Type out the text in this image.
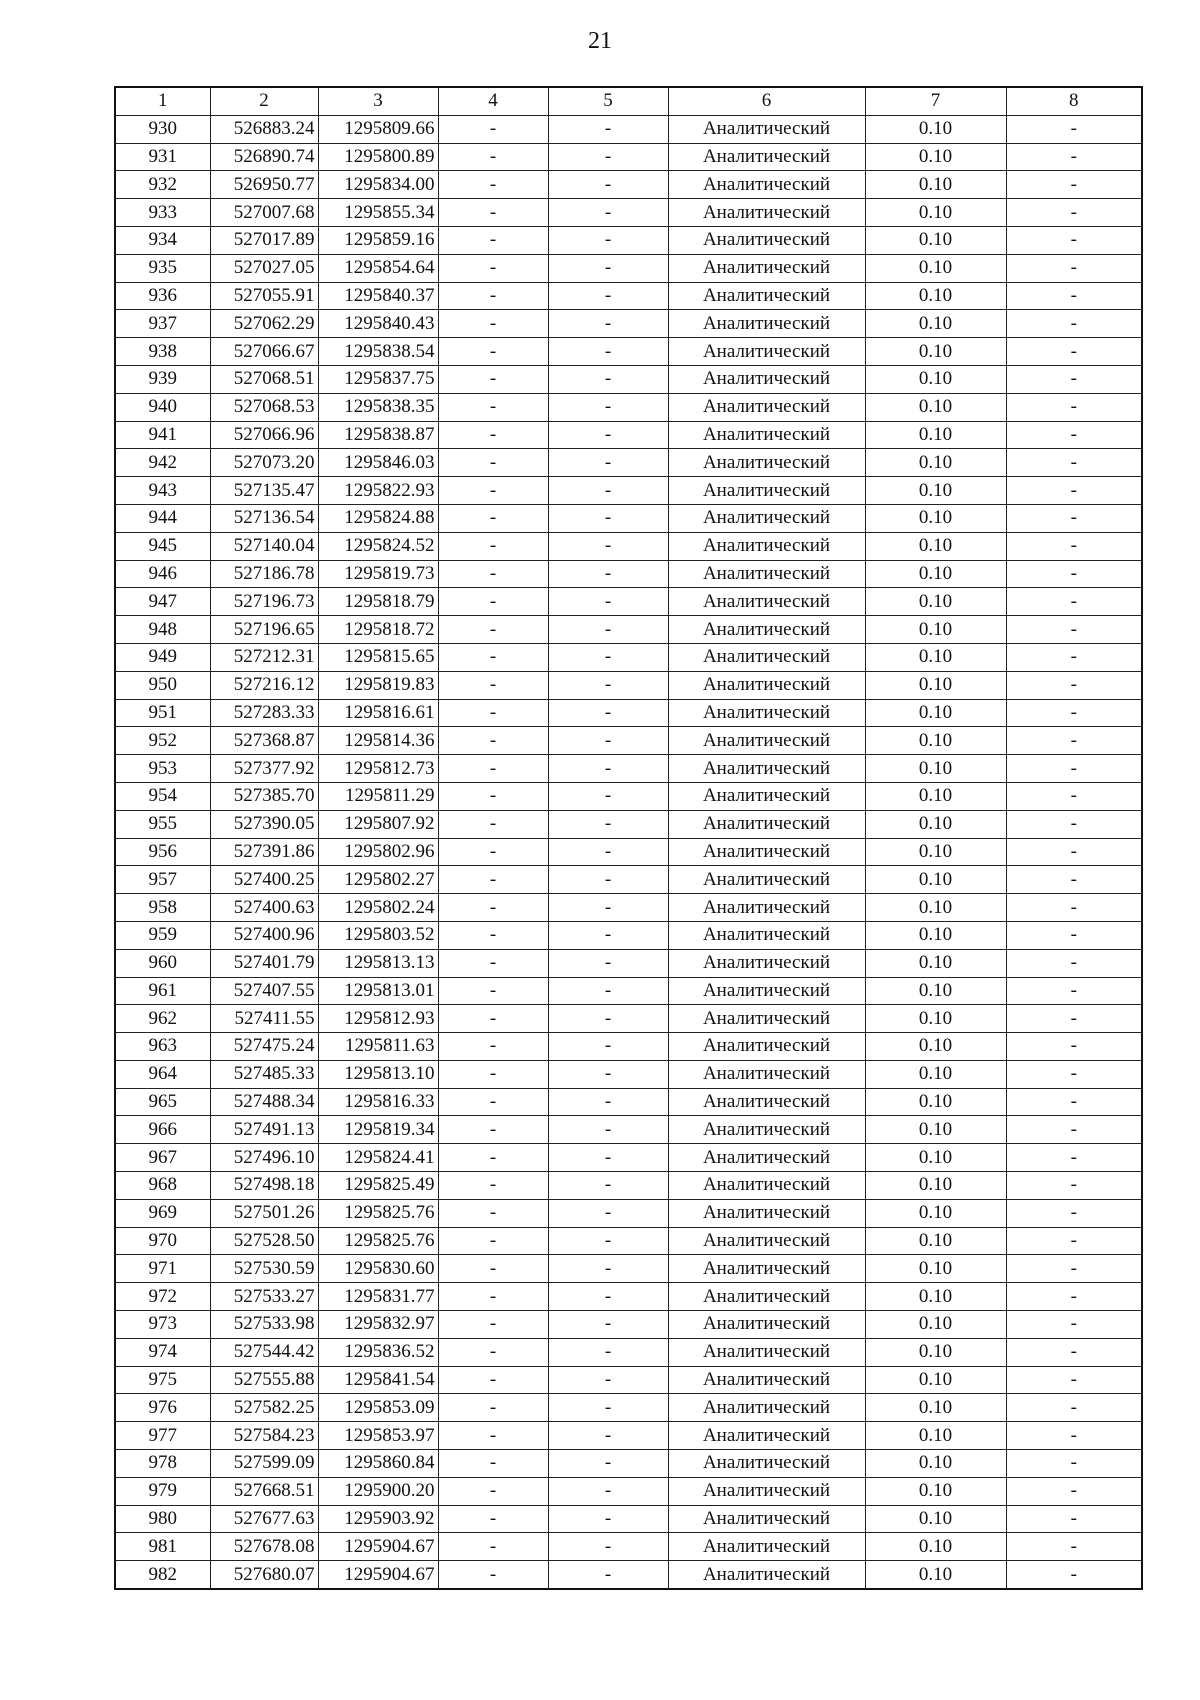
21
1	2	3	4	5	6	7	8
930	526883.24	1295809.66	-	-	Аналитический	0.10	-
931	526890.74	1295800.89	-	-	Аналитический	0.10	-
932	526950.77	1295834.00	-	-	Аналитический	0.10	-
933	527007.68	1295855.34	-	-	Аналитический	0.10	-
934	527017.89	1295859.16	-	-	Аналитический	0.10	-
935	527027.05	1295854.64	-	-	Аналитический	0.10	-
936	527055.91	1295840.37	-	-	Аналитический	0.10	-
937	527062.29	1295840.43	-	-	Аналитический	0.10	-
938	527066.67	1295838.54	-	-	Аналитический	0.10	-
939	527068.51	1295837.75	-	-	Аналитический	0.10	-
940	527068.53	1295838.35	-	-	Аналитический	0.10	-
941	527066.96	1295838.87	-	-	Аналитический	0.10	-
942	527073.20	1295846.03	-	-	Аналитический	0.10	-
943	527135.47	1295822.93	-	-	Аналитический	0.10	-
944	527136.54	1295824.88	-	-	Аналитический	0.10	-
945	527140.04	1295824.52	-	-	Аналитический	0.10	-
946	527186.78	1295819.73	-	-	Аналитический	0.10	-
947	527196.73	1295818.79	-	-	Аналитический	0.10	-
948	527196.65	1295818.72	-	-	Аналитический	0.10	-
949	527212.31	1295815.65	-	-	Аналитический	0.10	-
950	527216.12	1295819.83	-	-	Аналитический	0.10	-
951	527283.33	1295816.61	-	-	Аналитический	0.10	-
952	527368.87	1295814.36	-	-	Аналитический	0.10	-
953	527377.92	1295812.73	-	-	Аналитический	0.10	-
954	527385.70	1295811.29	-	-	Аналитический	0.10	-
955	527390.05	1295807.92	-	-	Аналитический	0.10	-
956	527391.86	1295802.96	-	-	Аналитический	0.10	-
957	527400.25	1295802.27	-	-	Аналитический	0.10	-
958	527400.63	1295802.24	-	-	Аналитический	0.10	-
959	527400.96	1295803.52	-	-	Аналитический	0.10	-
960	527401.79	1295813.13	-	-	Аналитический	0.10	-
961	527407.55	1295813.01	-	-	Аналитический	0.10	-
962	527411.55	1295812.93	-	-	Аналитический	0.10	-
963	527475.24	1295811.63	-	-	Аналитический	0.10	-
964	527485.33	1295813.10	-	-	Аналитический	0.10	-
965	527488.34	1295816.33	-	-	Аналитический	0.10	-
966	527491.13	1295819.34	-	-	Аналитический	0.10	-
967	527496.10	1295824.41	-	-	Аналитический	0.10	-
968	527498.18	1295825.49	-	-	Аналитический	0.10	-
969	527501.26	1295825.76	-	-	Аналитический	0.10	-
970	527528.50	1295825.76	-	-	Аналитический	0.10	-
971	527530.59	1295830.60	-	-	Аналитический	0.10	-
972	527533.27	1295831.77	-	-	Аналитический	0.10	-
973	527533.98	1295832.97	-	-	Аналитический	0.10	-
974	527544.42	1295836.52	-	-	Аналитический	0.10	-
975	527555.88	1295841.54	-	-	Аналитический	0.10	-
976	527582.25	1295853.09	-	-	Аналитический	0.10	-
977	527584.23	1295853.97	-	-	Аналитический	0.10	-
978	527599.09	1295860.84	-	-	Аналитический	0.10	-
979	527668.51	1295900.20	-	-	Аналитический	0.10	-
980	527677.63	1295903.92	-	-	Аналитический	0.10	-
981	527678.08	1295904.67	-	-	Аналитический	0.10	-
982	527680.07	1295904.67	-	-	Аналитический	0.10	-
